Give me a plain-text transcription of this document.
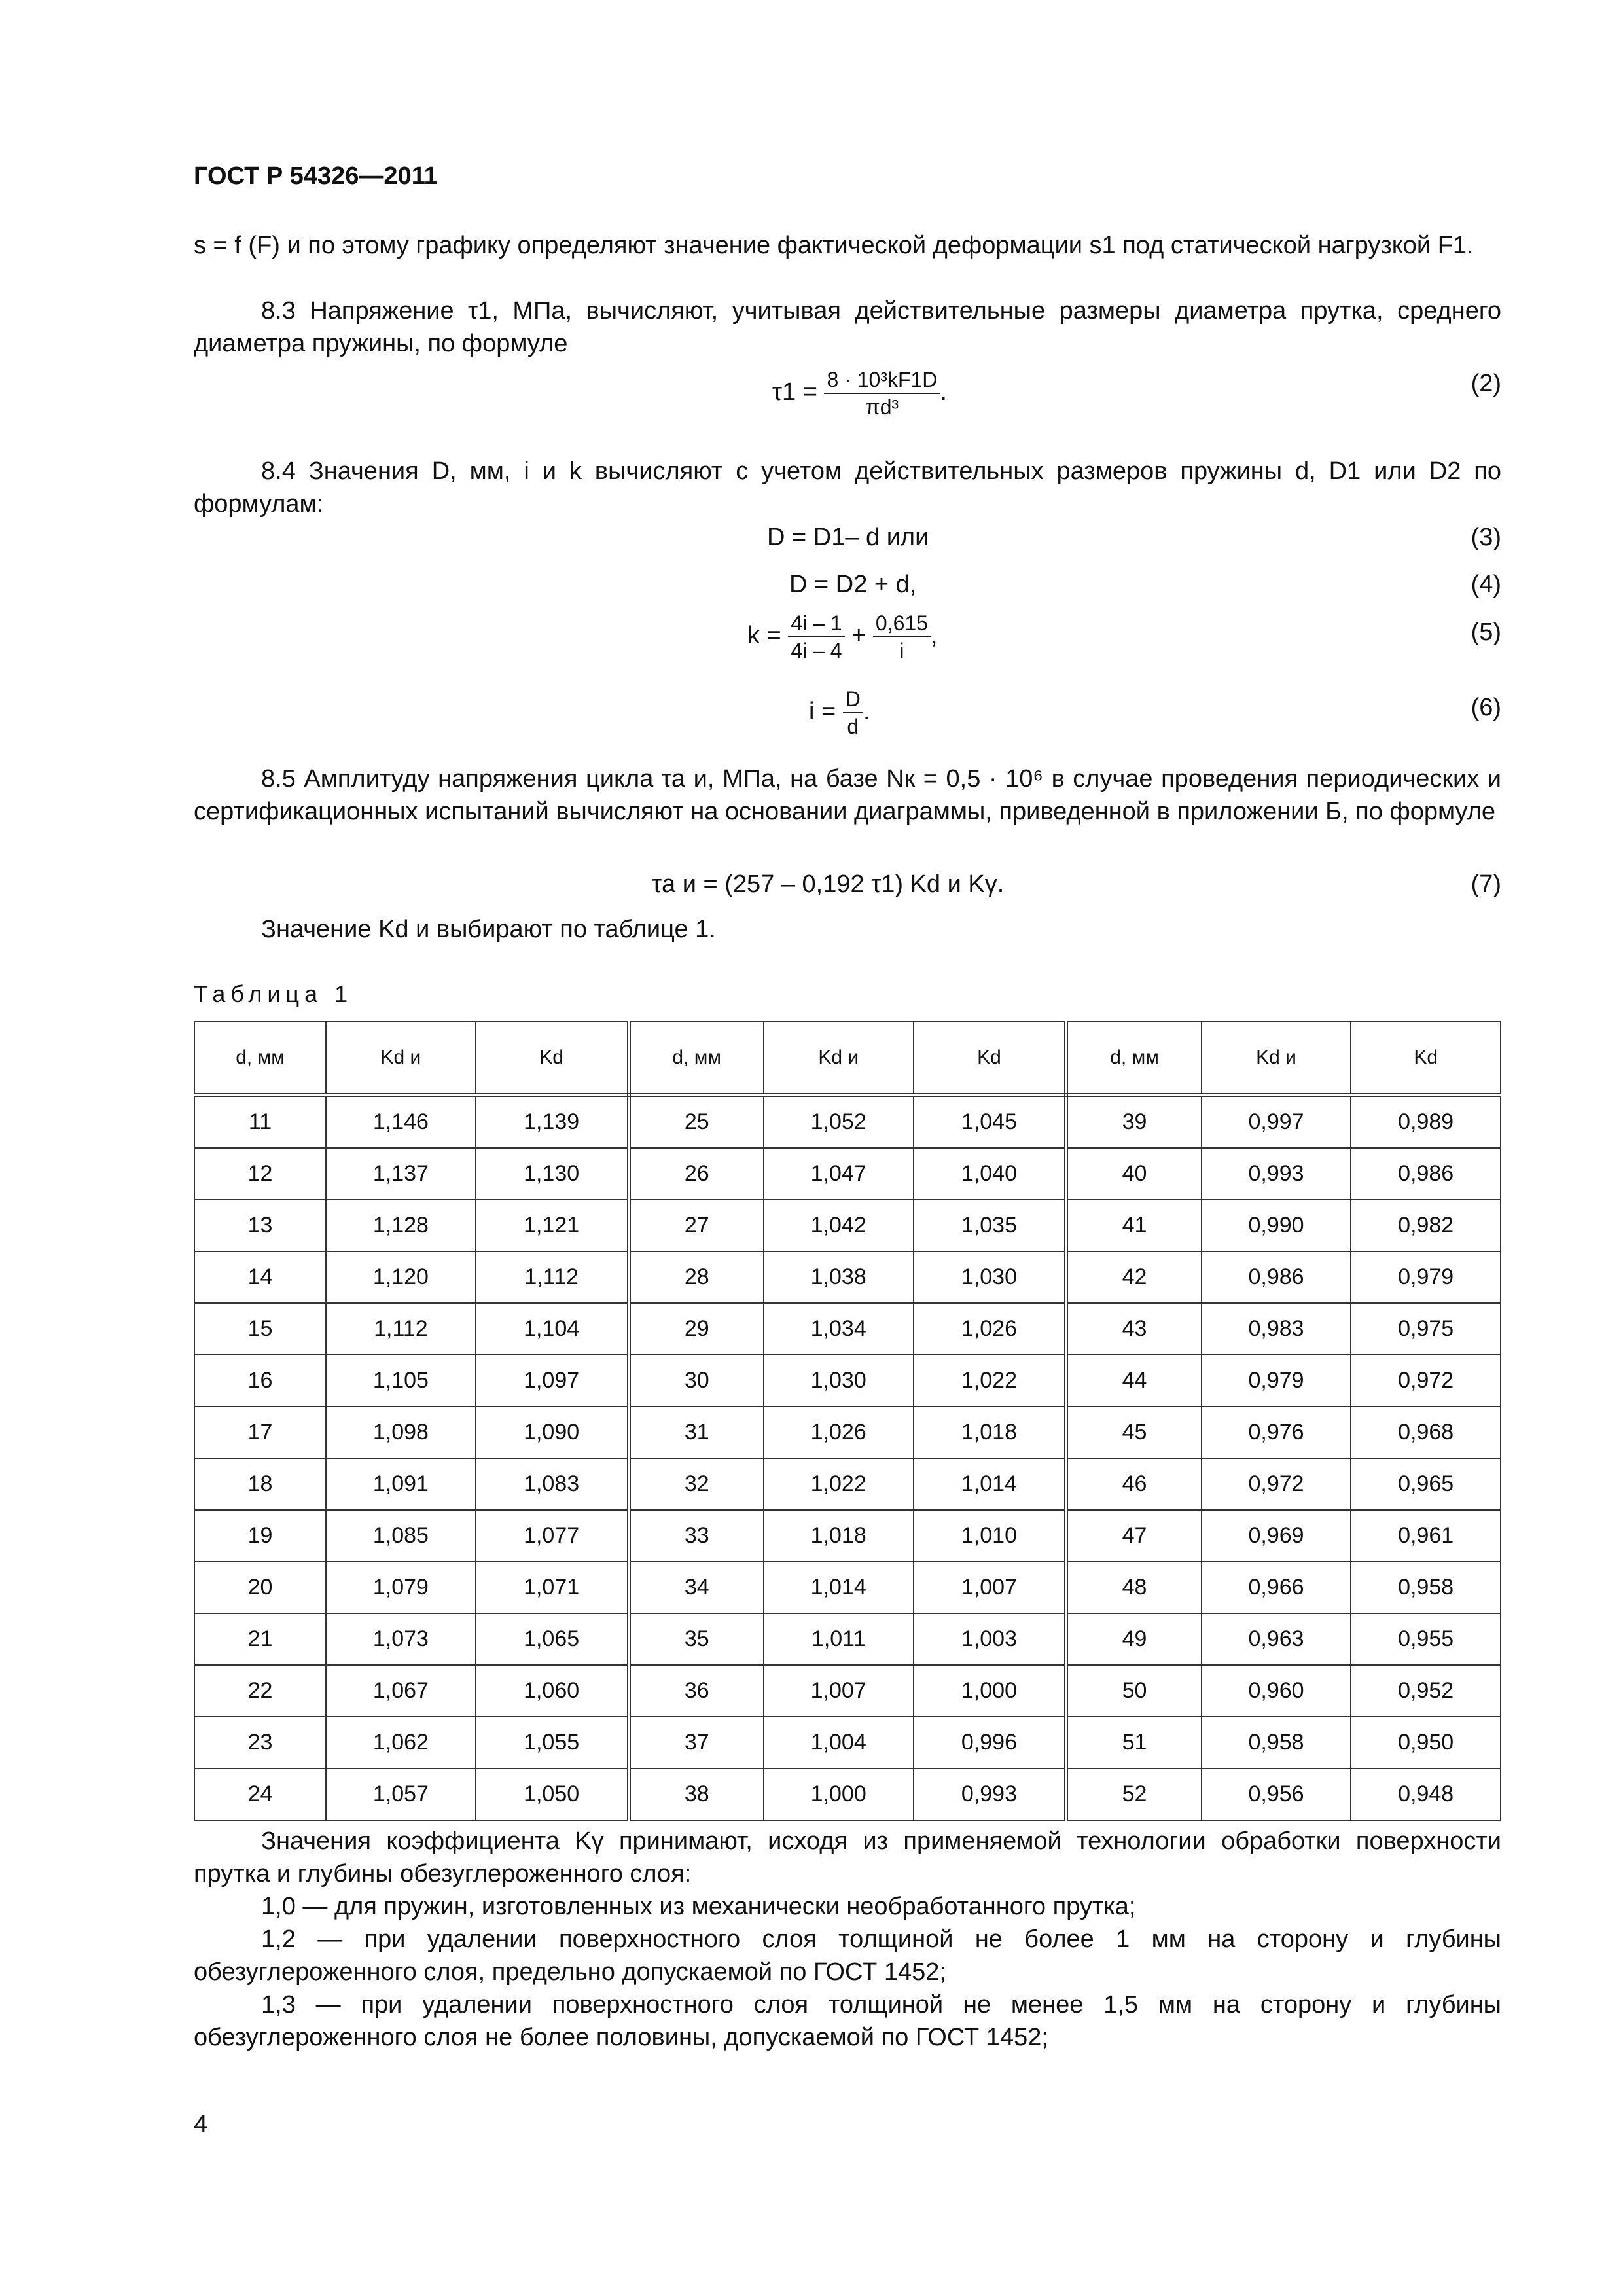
ГОСТ Р 54326—2011
s = f (F) и по этому графику определяют значение фактической деформации s1 под статической нагрузкой F1.
8.3 Напряжение τ1, МПа, вычисляют, учитывая действительные размеры диаметра прутка, среднего диаметра пружины, по формуле
$\tau 1 = \frac{\text{8 · 10³kF1D}}{\text{πd³}}$ .	(2)
8.4 Значения D, мм, i и k вычисляют с учетом действительных размеров пружины d, D1 или D2 по формулам:
D = D1– d или	(3)
D = D2 + d,	(4)
$k = \frac{4i - 1}{4i - 4} + \frac{0,615}{i}$ ,	(5)
$i = \frac{D}{d}$ .	(6)
8.5 Амплитуду напряжения цикла τа и, МПа, на базе Nк = 0,5 · 10⁶ в случае проведения периодических и сертификационных испытаний вычисляют на основании диаграммы, приведенной в приложении Б, по формуле
τа и = (257 – 0,192 τ1) Kd и Kγ.	(7)
Значение Kd и выбирают по таблице 1.
Таблица 1
d, мм	Kd и	Kd	d, мм	Kd и	Kd	d, мм	Kd и	Kd
11	1,146	1,139	25	1,052	1,045	39	0,997	0,989
12	1,137	1,130	26	1,047	1,040	40	0,993	0,986
13	1,128	1,121	27	1,042	1,035	41	0,990	0,982
14	1,120	1,112	28	1,038	1,030	42	0,986	0,979
15	1,112	1,104	29	1,034	1,026	43	0,983	0,975
16	1,105	1,097	30	1,030	1,022	44	0,979	0,972
17	1,098	1,090	31	1,026	1,018	45	0,976	0,968
18	1,091	1,083	32	1,022	1,014	46	0,972	0,965
19	1,085	1,077	33	1,018	1,010	47	0,969	0,961
20	1,079	1,071	34	1,014	1,007	48	0,966	0,958
21	1,073	1,065	35	1,011	1,003	49	0,963	0,955
22	1,067	1,060	36	1,007	1,000	50	0,960	0,952
23	1,062	1,055	37	1,004	0,996	51	0,958	0,950
24	1,057	1,050	38	1,000	0,993	52	0,956	0,948
Значения коэффициента Kγ принимают, исходя из применяемой технологии обработки поверхности прутка и глубины обезуглероженного слоя:
1,0 — для пружин, изготовленных из механически необработанного прутка;
1,2 — при удалении поверхностного слоя толщиной не более 1 мм на сторону и глубины обезуглероженного слоя, предельно допускаемой по ГОСТ 1452;
1,3 — при удалении поверхностного слоя толщиной не менее 1,5 мм на сторону и глубины обезуглероженного слоя не более половины, допускаемой по ГОСТ 1452;
4
